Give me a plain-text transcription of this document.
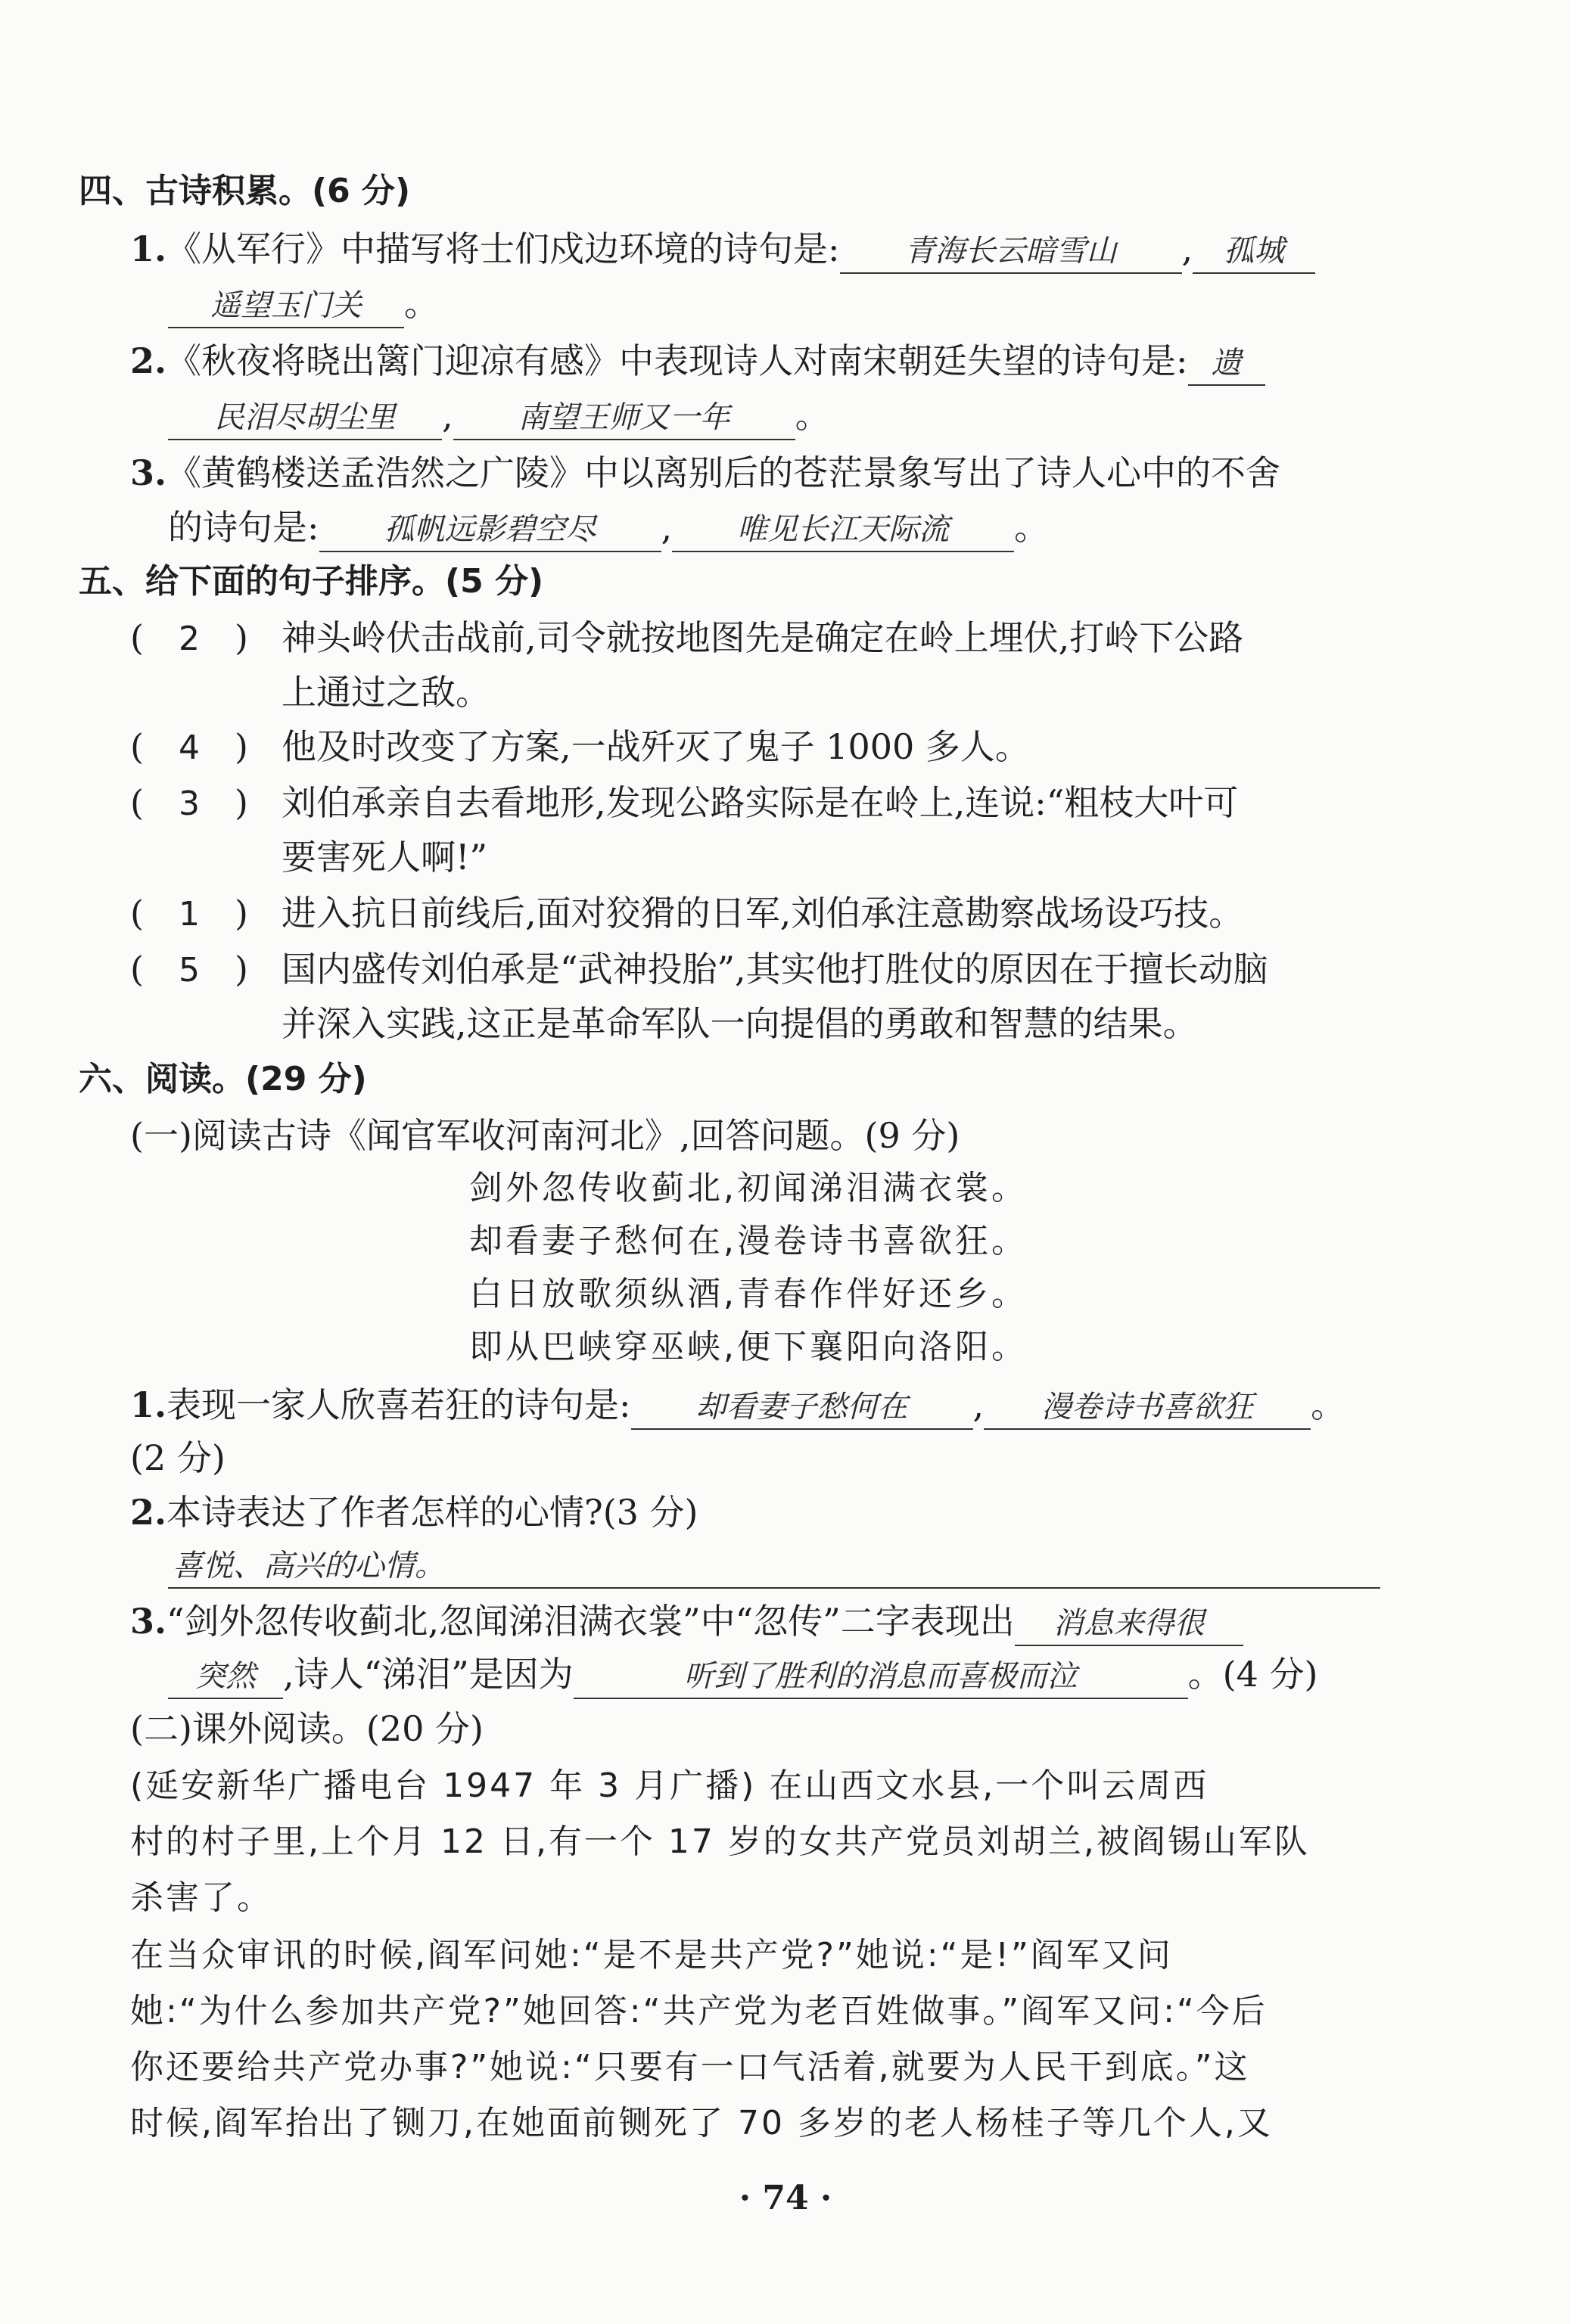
四、古诗积累。(6 分)
1.《从军行》中描写将士们戍边环境的诗句是: 青海长云暗雪山 , 孤城
遥望玉门关 。
2.《秋夜将晓出篱门迎凉有感》中表现诗人对南宋朝廷失望的诗句是: 遗
民泪尽胡尘里 , 南望王师又一年 。
3.《黄鹤楼送孟浩然之广陵》中以离别后的苍茫景象写出了诗人心中的不舍
的诗句是: 孤帆远影碧空尽 , 唯见长江天际流 。
五、给下面的句子排序。(5 分)
( 2 ) 神头岭伏击战前,司令就按地图先是确定在岭上埋伏,打岭下公路
上通过之敌。
( 4 ) 他及时改变了方案,一战歼灭了鬼子 1000 多人。
( 3 ) 刘伯承亲自去看地形,发现公路实际是在岭上,连说:“粗枝大叶可
要害死人啊!”
( 1 ) 进入抗日前线后,面对狡猾的日军,刘伯承注意勘察战场设巧技。
( 5 ) 国内盛传刘伯承是“武神投胎”,其实他打胜仗的原因在于擅长动脑
并深入实践,这正是革命军队一向提倡的勇敢和智慧的结果。
六、阅读。(29 分)
(一)阅读古诗《闻官军收河南河北》,回答问题。(9 分)
剑外忽传收蓟北,初闻涕泪满衣裳。
却看妻子愁何在,漫卷诗书喜欲狂。
白日放歌须纵酒,青春作伴好还乡。
即从巴峡穿巫峡,便下襄阳向洛阳。
1.表现一家人欣喜若狂的诗句是: 却看妻子愁何在 , 漫卷诗书喜欲狂 。
(2 分)
2.本诗表达了作者怎样的心情?(3 分)
喜悦、高兴的心情。
3.“剑外忽传收蓟北,忽闻涕泪满衣裳”中“忽传”二字表现出 消息来得很
突然 ,诗人“涕泪”是因为	听到了胜利的消息而喜极而泣	。(4 分)
(二)课外阅读。(20 分)
(延安新华广播电台 1947 年 3 月广播) 在山西文水县,一个叫云周西
村的村子里,上个月 12 日,有一个 17 岁的女共产党员刘胡兰,被阎锡山军队
杀害了。
在当众审讯的时候,阎军问她:“是不是共产党?”她说:“是!”阎军又问
她:“为什么参加共产党?”她回答:“共产党为老百姓做事。”阎军又问:“今后
你还要给共产党办事?”她说:“只要有一口气活着,就要为人民干到底。”这
时候,阎军抬出了铡刀,在她面前铡死了 70 多岁的老人杨桂子等几个人,又
· 74 ·
